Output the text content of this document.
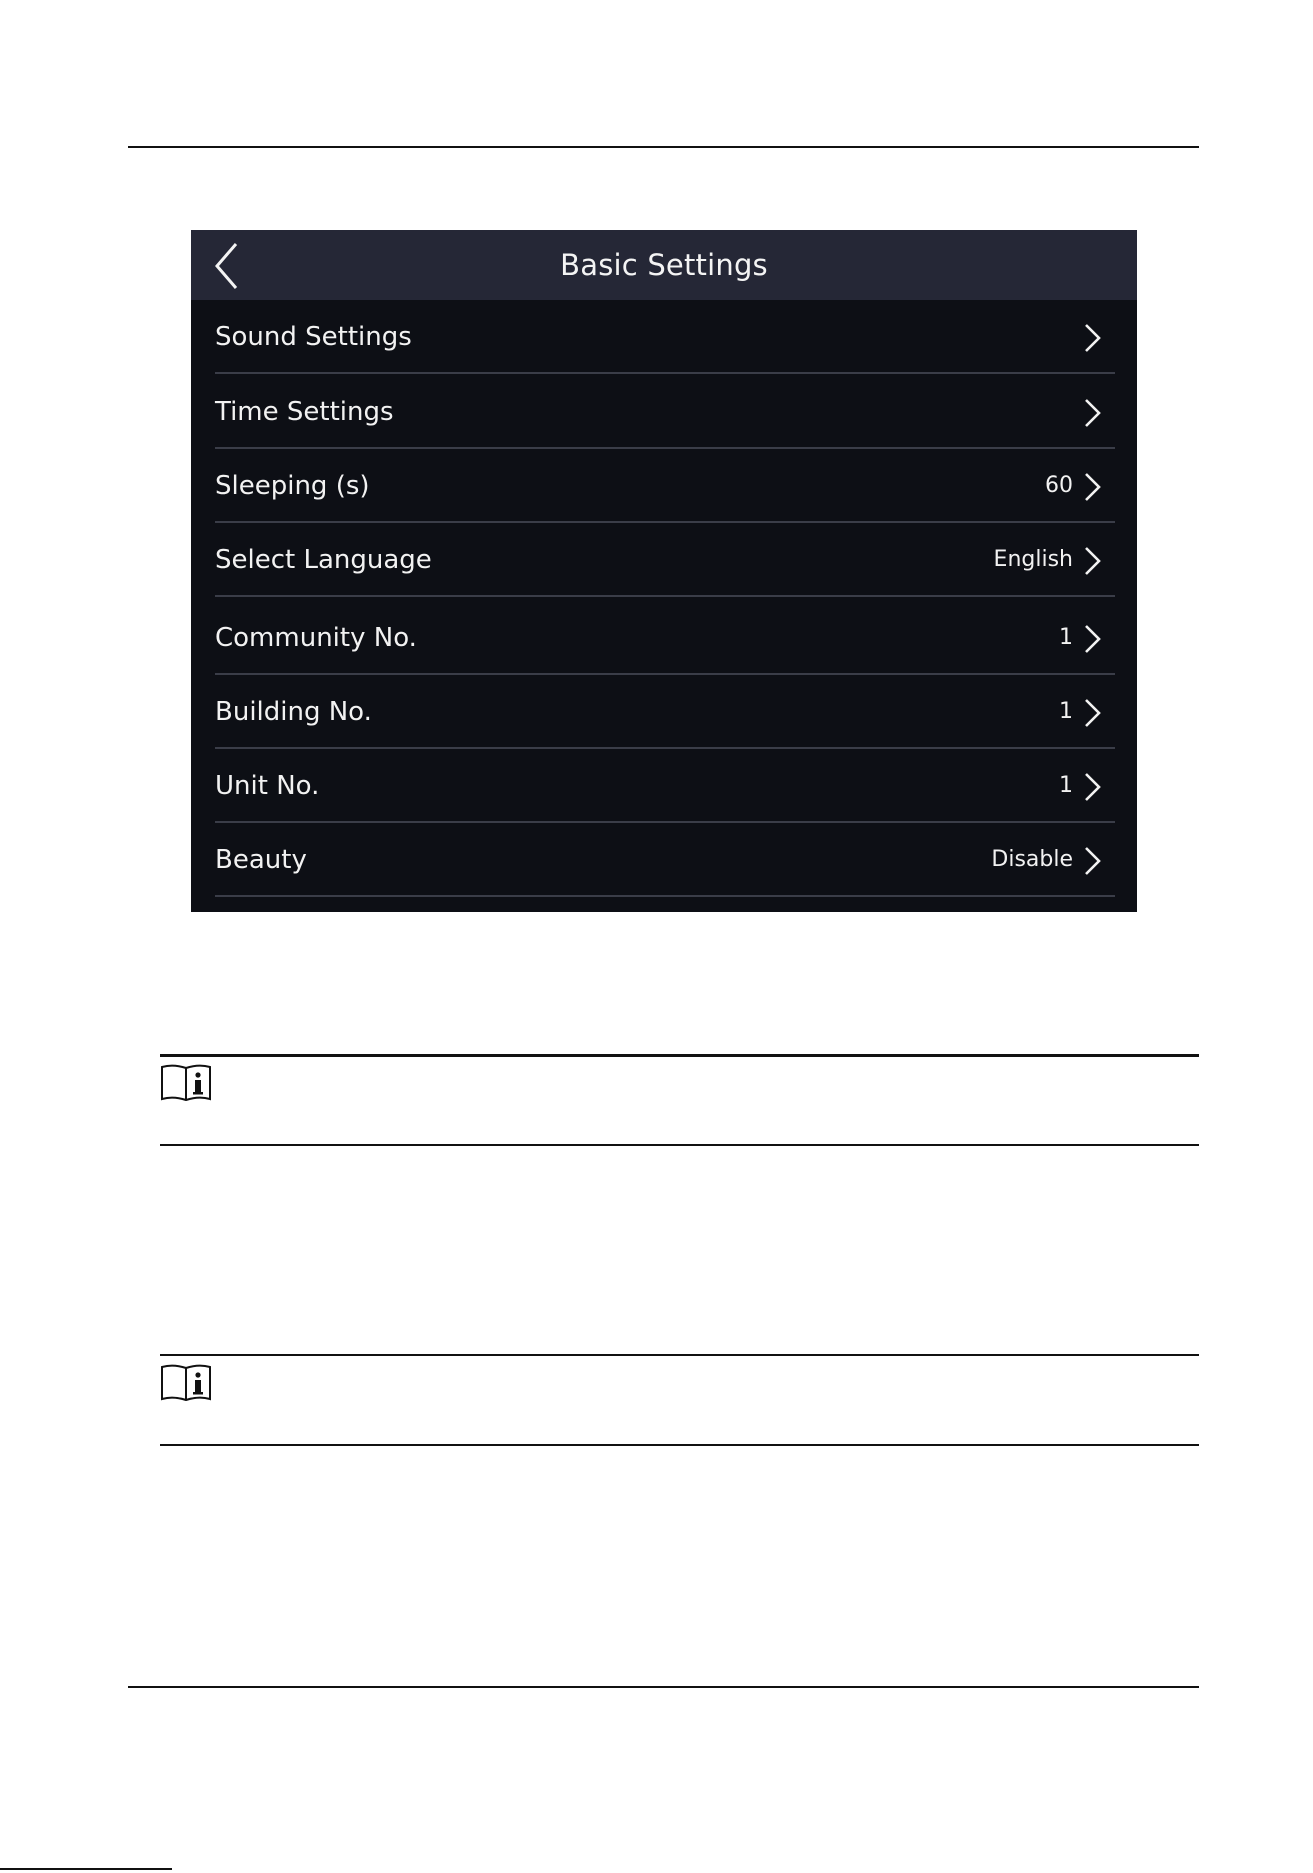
Basic Settings
Sound Settings
Time Settings
Sleeping (s)	60
Select Language	English
Community No.	1
Building No.	1
Unit No.	1
Beauty	Disable
